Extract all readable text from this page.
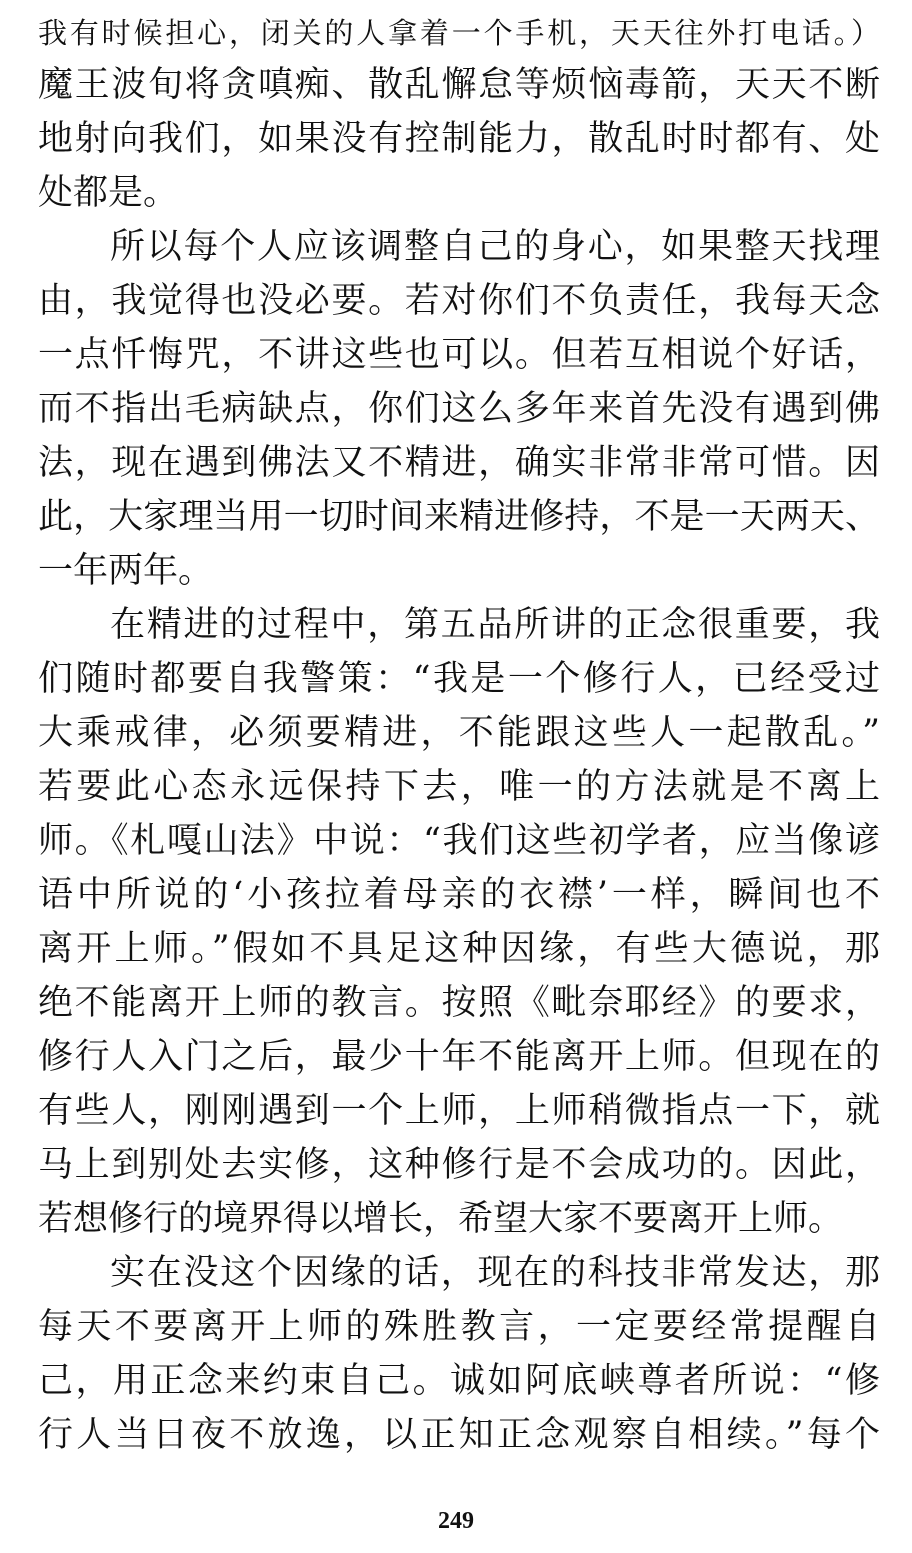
我有时候担心，闭关的人拿着一个手机，天天往外打电话。）
魔王波旬将贪嗔痴、散乱懈怠等烦恼毒箭，天天不断
地射向我们，如果没有控制能力，散乱时时都有、处
处都是。
所以每个人应该调整自己的身心，如果整天找理
由，我觉得也没必要。若对你们不负责任，我每天念
一点忏悔咒，不讲这些也可以。但若互相说个好话，
而不指出毛病缺点，你们这么多年来首先没有遇到佛
法，现在遇到佛法又不精进，确实非常非常可惜。因
此，大家理当用一切时间来精进修持，不是一天两天、
一年两年。
在精进的过程中，第五品所讲的正念很重要，我
们随时都要自我警策：“我是一个修行人，已经受过
大乘戒律，必须要精进，不能跟这些人一起散乱。”
若要此心态永远保持下去，唯一的方法就是不离上
师。《札嘎山法》中说：“我们这些初学者，应当像谚
语中所说的‘小孩拉着母亲的衣襟’一样，瞬间也不
离开上师。”假如不具足这种因缘，有些大德说，那
绝不能离开上师的教言。按照《毗奈耶经》的要求，
修行人入门之后，最少十年不能离开上师。但现在的
有些人，刚刚遇到一个上师，上师稍微指点一下，就
马上到别处去实修，这种修行是不会成功的。因此，
若想修行的境界得以增长，希望大家不要离开上师。
实在没这个因缘的话，现在的科技非常发达，那
每天不要离开上师的殊胜教言，一定要经常提醒自
己，用正念来约束自己。诚如阿底峡尊者所说：“修
行人当日夜不放逸，以正知正念观察自相续。”每个
249
